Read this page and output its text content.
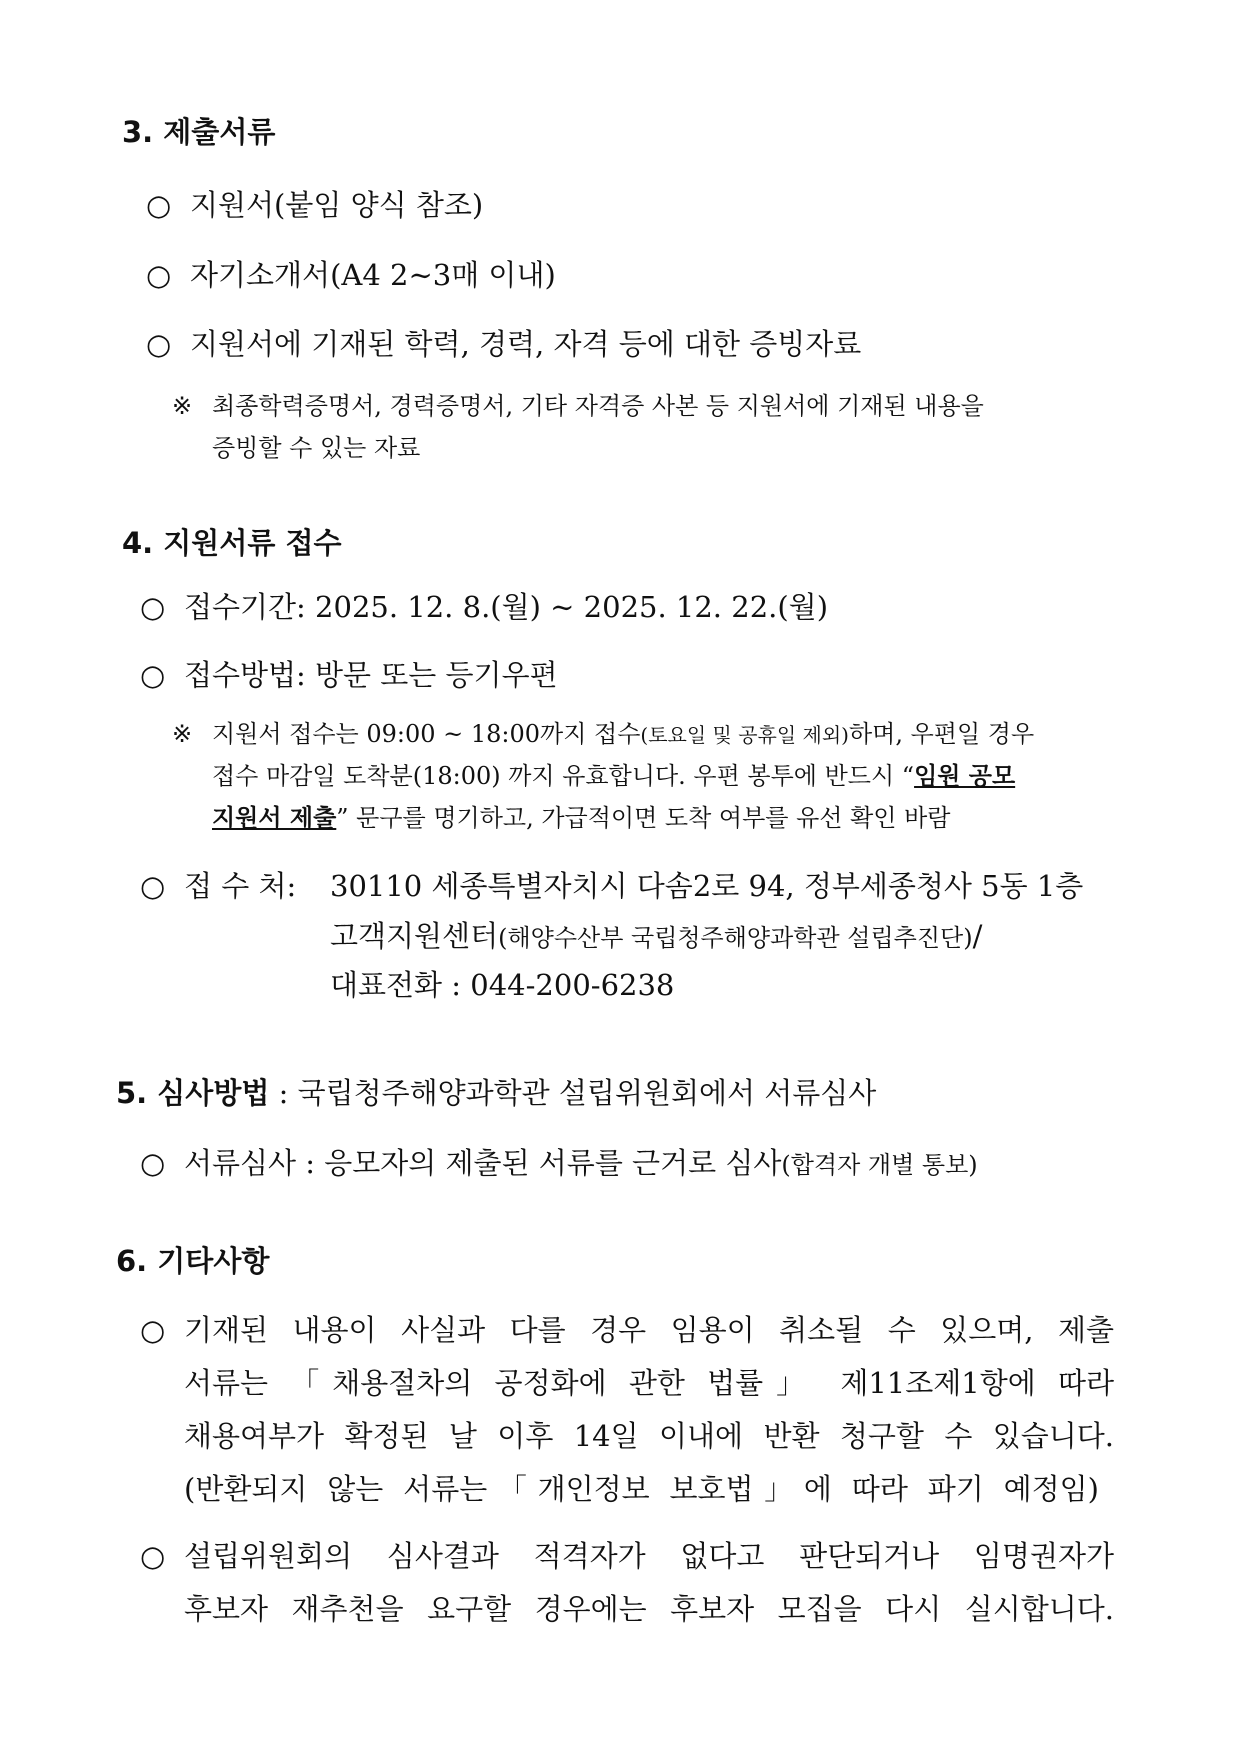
3. 제출서류
○ 지원서(붙임 양식 참조)
○ 자기소개서(A4 2∼3매 이내)
○ 지원서에 기재된 학력, 경력, 자격 등에 대한 증빙자료
※ 최종학력증명서, 경력증명서, 기타 자격증 사본 등 지원서에 기재된 내용을
증빙할 수 있는 자료
4. 지원서류 접수
○ 접수기간: 2025. 12. 8.(월) ∼ 2025. 12. 22.(월)
○ 접수방법: 방문 또는 등기우편
※ 지원서 접수는 09:00 ~ 18:00까지 접수(토요일 및 공휴일 제외)하며, 우편일 경우
접수 마감일 도착분(18:00) 까지 유효합니다. 우편 봉투에 반드시 “임원 공모
지원서 제출” 문구를 명기하고, 가급적이면 도착 여부를 유선 확인 바람
○ 접 수 처: 30110 세종특별자치시 다솜2로 94, 정부세종청사 5동 1층
고객지원센터(해양수산부 국립청주해양과학관 설립추진단)/
대표전화 : 044-200-6238
5. 심사방법 : 국립청주해양과학관 설립위원회에서 서류심사
○ 서류심사 : 응모자의 제출된 서류를 근거로 심사(합격자 개별 통보)
6. 기타사항
○ 기재된 내용이 사실과 다를 경우 임용이 취소될 수 있으며, 제출
서류는 「채용절차의 공정화에 관한 법률」 제11조제1항에 따라
채용여부가 확정된 날 이후 14일 이내에 반환 청구할 수 있습니다.
(반환되지 않는 서류는「개인정보 보호법」에 따라 파기 예정임)
○ 설립위원회의 심사결과 적격자가 없다고 판단되거나 임명권자가
후보자 재추천을 요구할 경우에는 후보자 모집을 다시 실시합니다.
